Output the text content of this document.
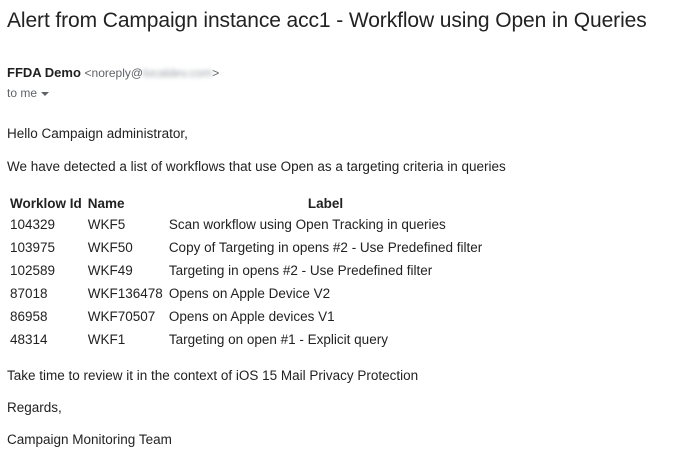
Alert from Campaign instance acc1 - Workflow using Open in Queries
FFDA Demo <noreply@localdev.com>
to me
Hello Campaign administrator,
We have detected a list of workflows that use Open as a targeting criteria in queries
Worklow Id	Name	Label
104329	WKF5	Scan workflow using Open Tracking in queries
103975	WKF50	Copy of Targeting in opens #2 - Use Predefined filter
102589	WKF49	Targeting in opens #2 - Use Predefined filter
87018	WKF136478	Opens on Apple Device V2
86958	WKF70507	Opens on Apple devices V1
48314	WKF1	Targeting on open #1 - Explicit query
Take time to review it in the context of iOS 15 Mail Privacy Protection
Regards,
Campaign Monitoring Team
